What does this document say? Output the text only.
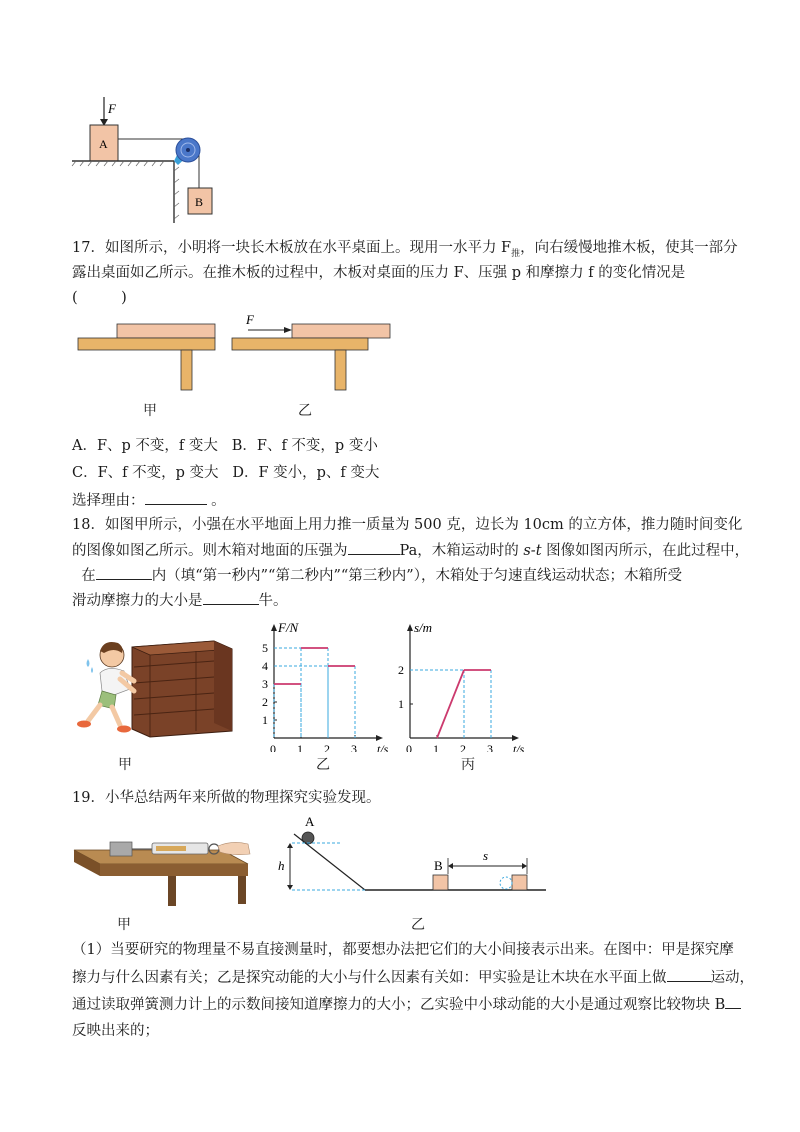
F
A
B
17．如图所示，小明将一块长木板放在水平桌面上。现用一水平力 $F_推$，向右缓慢地推木板，使其一部分
露出桌面如乙所示。在推木板的过程中，木板对桌面的压力 F、压强 p 和摩擦力 f 的变化情况是
(　　　)
F
甲	乙
A．F、p 不变，f 变大 B．F、f 不变，p 变小
C．F、f 不变，p 变大 D．F 变小，p、f 变大
选择理由：	。
18．如图甲所示，小强在水平地面上用力推一质量为 500 克，边长为 10cm 的立方体，推力随时间变化
的图像如图乙所示。则木箱对地面的压强为	Pa，木箱运动时的 s-t 图像如图丙所示，在此过程中，
在	内（填“第一秒内”“第二秒内”“第三秒内”），木箱处于匀速直线运动状态；木箱所受
滑动摩擦力的大小是	牛。
甲
F/N
t/s
0 1 2 3
1
2
3
4
5
乙
s/m
t/s
0 1 2 3
1
2
丙
19．小华总结两年来所做的物理探究实验发现。
甲
A
h	B
s
乙
（1）当要研究的物理量不易直接测量时，都要想办法把它们的大小间接表示出来。在图中：甲是探究摩
擦力与什么因素有关；乙是探究动能的大小与什么因素有关如：甲实验是让木块在水平面上做	运动，
通过读取弹簧测力计上的示数间接知道摩擦力的大小；乙实验中小球动能的大小是通过观察比较物块 B
反映出来的；
